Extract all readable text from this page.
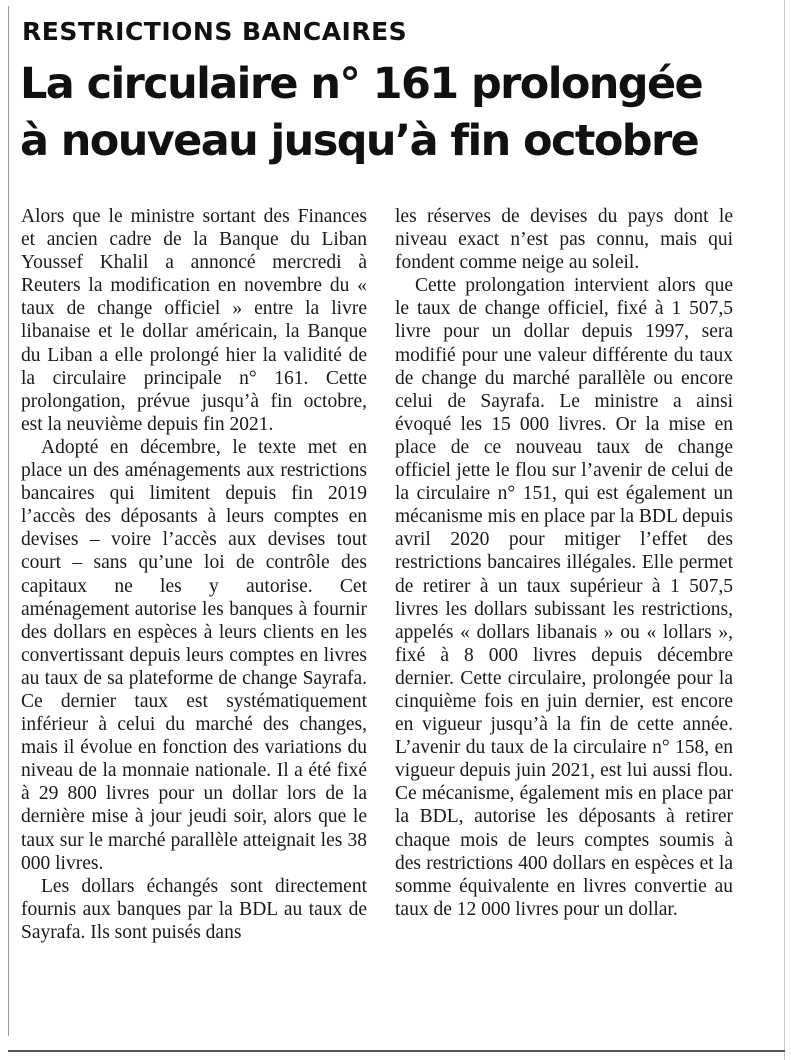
RESTRICTIONS BANCAIRES
La circulaire n° 161 prolongée
à nouveau jusqu’à fin octobre

Alors que le ministre sortant des Finances et ancien cadre de la Banque du Liban Youssef Khalil a annoncé mercredi à Reuters la modification en novembre du « taux de change officiel » entre la livre libanaise et le dollar américain, la Banque du Liban a elle prolongé hier la validité de la circulaire principale n° 161. Cette prolongation, prévue jusqu’à fin octobre, est la neuvième depuis fin 2021.

Adopté en décembre, le texte met en place un des aménagements aux restrictions bancaires qui limitent depuis fin 2019 l’accès des déposants à leurs comptes en devises – voire l’accès aux devises tout court – sans qu’une loi de contrôle des capitaux ne les y autorise. Cet aménagement autorise les banques à fournir des dollars en espèces à leurs clients en les convertissant depuis leurs comptes en livres au taux de sa plateforme de change Sayrafa. Ce dernier taux est systématiquement inférieur à celui du marché des changes, mais il évolue en fonction des variations du niveau de la monnaie nationale. Il a été fixé à 29 800 livres pour un dollar lors de la dernière mise à jour jeudi soir, alors que le taux sur le marché parallèle atteignait les 38 000 livres.

Les dollars échangés sont directement fournis aux banques par la BDL au taux de Sayrafa. Ils sont puisés dans

les réserves de devises du pays dont le niveau exact n’est pas connu, mais qui fondent comme neige au soleil.

Cette prolongation intervient alors que le taux de change officiel, fixé à 1 507,5 livre pour un dollar depuis 1997, sera modifié pour une valeur différente du taux de change du marché parallèle ou encore celui de Sayrafa. Le ministre a ainsi évoqué les 15 000 livres. Or la mise en place de ce nouveau taux de change officiel jette le flou sur l’avenir de celui de la circulaire n° 151, qui est également un mécanisme mis en place par la BDL depuis avril 2020 pour mitiger l’effet des restrictions bancaires illégales. Elle permet de retirer à un taux supérieur à 1 507,5 livres les dollars subissant les restrictions, appelés « dollars libanais » ou « lollars », fixé à 8 000 livres depuis décembre dernier. Cette circulaire, prolongée pour la cinquième fois en juin dernier, est encore en vigueur jusqu’à la fin de cette année. L’avenir du taux de la circulaire n° 158, en vigueur depuis juin 2021, est lui aussi flou. Ce mécanisme, également mis en place par la BDL, autorise les déposants à retirer chaque mois de leurs comptes soumis à des restrictions 400 dollars en espèces et la somme équivalente en livres convertie au taux de 12 000 livres pour un dollar.
